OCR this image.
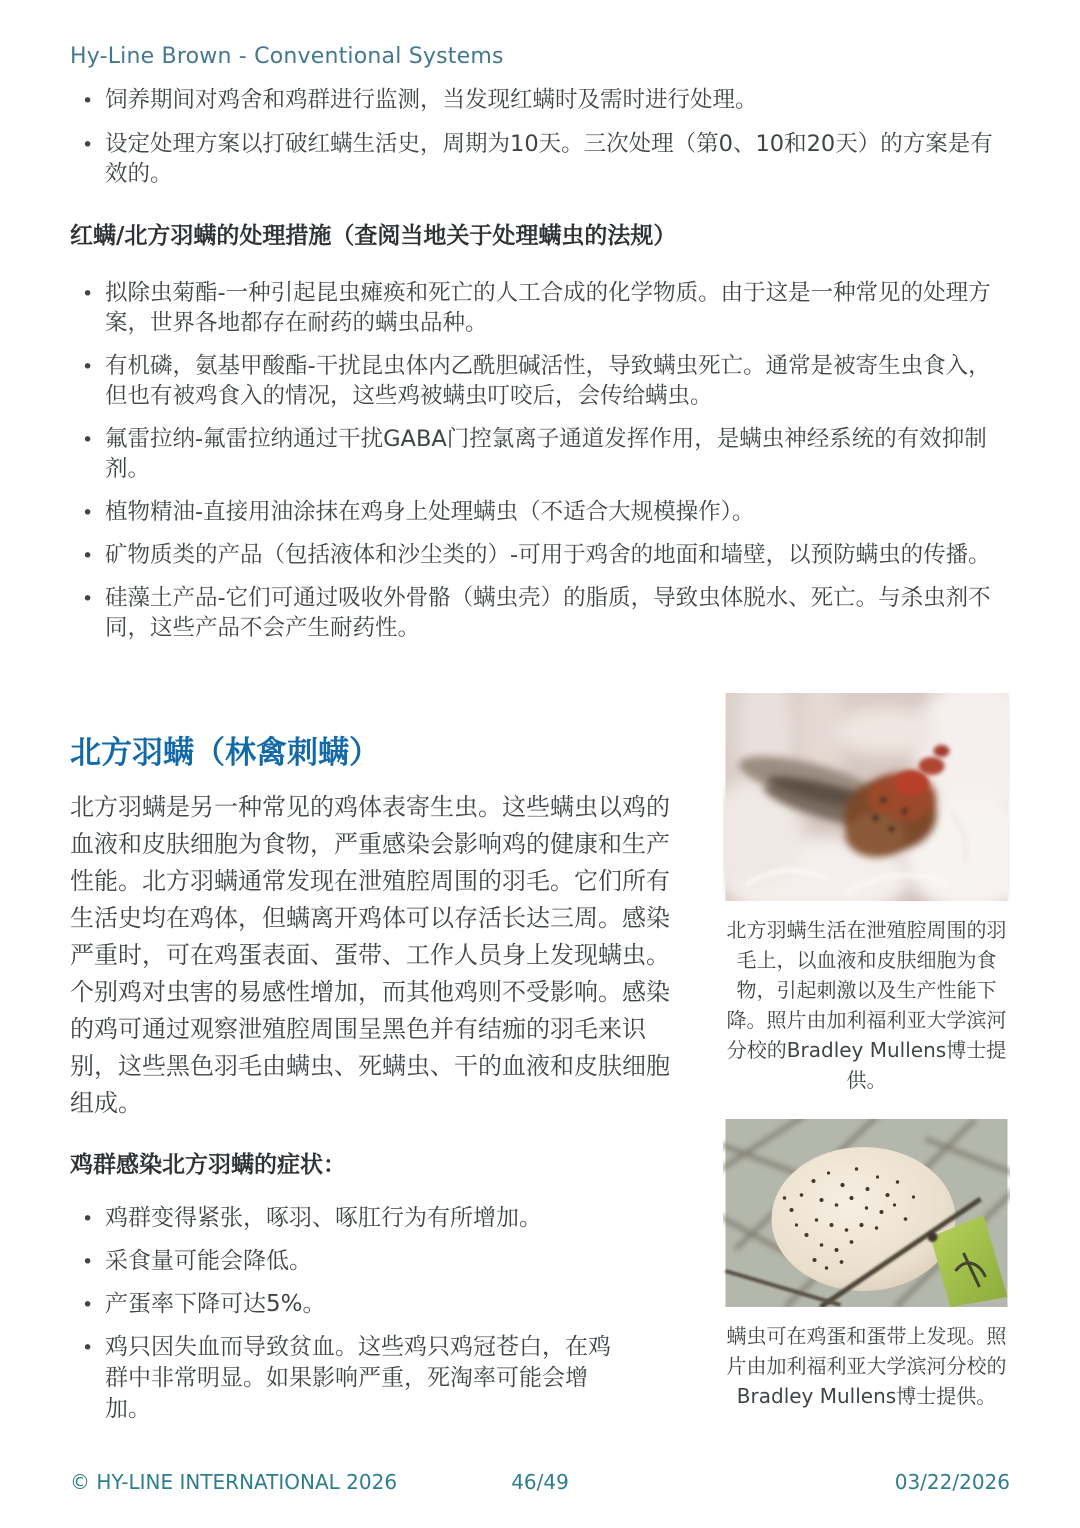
Hy-Line Brown - Conventional Systems
• 饲养期间对鸡舍和鸡群进行监测，当发现红螨时及需时进行处理。
• 设定处理方案以打破红螨生活史，周期为10天。三次处理（第0、10和20天）的方案是有效的。
红螨/北方羽螨的处理措施（查阅当地关于处理螨虫的法规）
• 拟除虫菊酯-一种引起昆虫瘫痪和死亡的人工合成的化学物质。由于这是一种常见的处理方案，世界各地都存在耐药的螨虫品种。
• 有机磷，氨基甲酸酯-干扰昆虫体内乙酰胆碱活性，导致螨虫死亡。通常是被寄生虫食入，但也有被鸡食入的情况，这些鸡被螨虫叮咬后，会传给螨虫。
• 氟雷拉纳-氟雷拉纳通过干扰GABA门控氯离子通道发挥作用，是螨虫神经系统的有效抑制剂。
• 植物精油-直接用油涂抹在鸡身上处理螨虫（不适合大规模操作）。
• 矿物质类的产品（包括液体和沙尘类的）-可用于鸡舍的地面和墙壁，以预防螨虫的传播。
• 硅藻土产品-它们可通过吸收外骨骼（螨虫壳）的脂质，导致虫体脱水、死亡。与杀虫剂不同，这些产品不会产生耐药性。
北方羽螨（林禽刺螨）
北方羽螨是另一种常见的鸡体表寄生虫。这些螨虫以鸡的血液和皮肤细胞为食物，严重感染会影响鸡的健康和生产性能。北方羽螨通常发现在泄殖腔周围的羽毛。它们所有生活史均在鸡体，但螨离开鸡体可以存活长达三周。感染严重时，可在鸡蛋表面、蛋带、工作人员身上发现螨虫。个别鸡对虫害的易感性增加，而其他鸡则不受影响。感染的鸡可通过观察泄殖腔周围呈黑色并有结痂的羽毛来识别，这些黑色羽毛由螨虫、死螨虫、干的血液和皮肤细胞组成。
鸡群感染北方羽螨的症状：
• 鸡群变得紧张，啄羽、啄肛行为有所增加。
• 采食量可能会降低。
• 产蛋率下降可达5%。
• 鸡只因失血而导致贫血。这些鸡只鸡冠苍白，在鸡群中非常明显。如果影响严重，死淘率可能会增加。
北方羽螨生活在泄殖腔周围的羽毛上，以血液和皮肤细胞为食物，引起刺激以及生产性能下降。照片由加利福利亚大学滨河分校的Bradley Mullens博士提供。
螨虫可在鸡蛋和蛋带上发现。照片由加利福利亚大学滨河分校的Bradley Mullens博士提供。
© HY-LINE INTERNATIONAL 2026	46/49	03/22/2026
